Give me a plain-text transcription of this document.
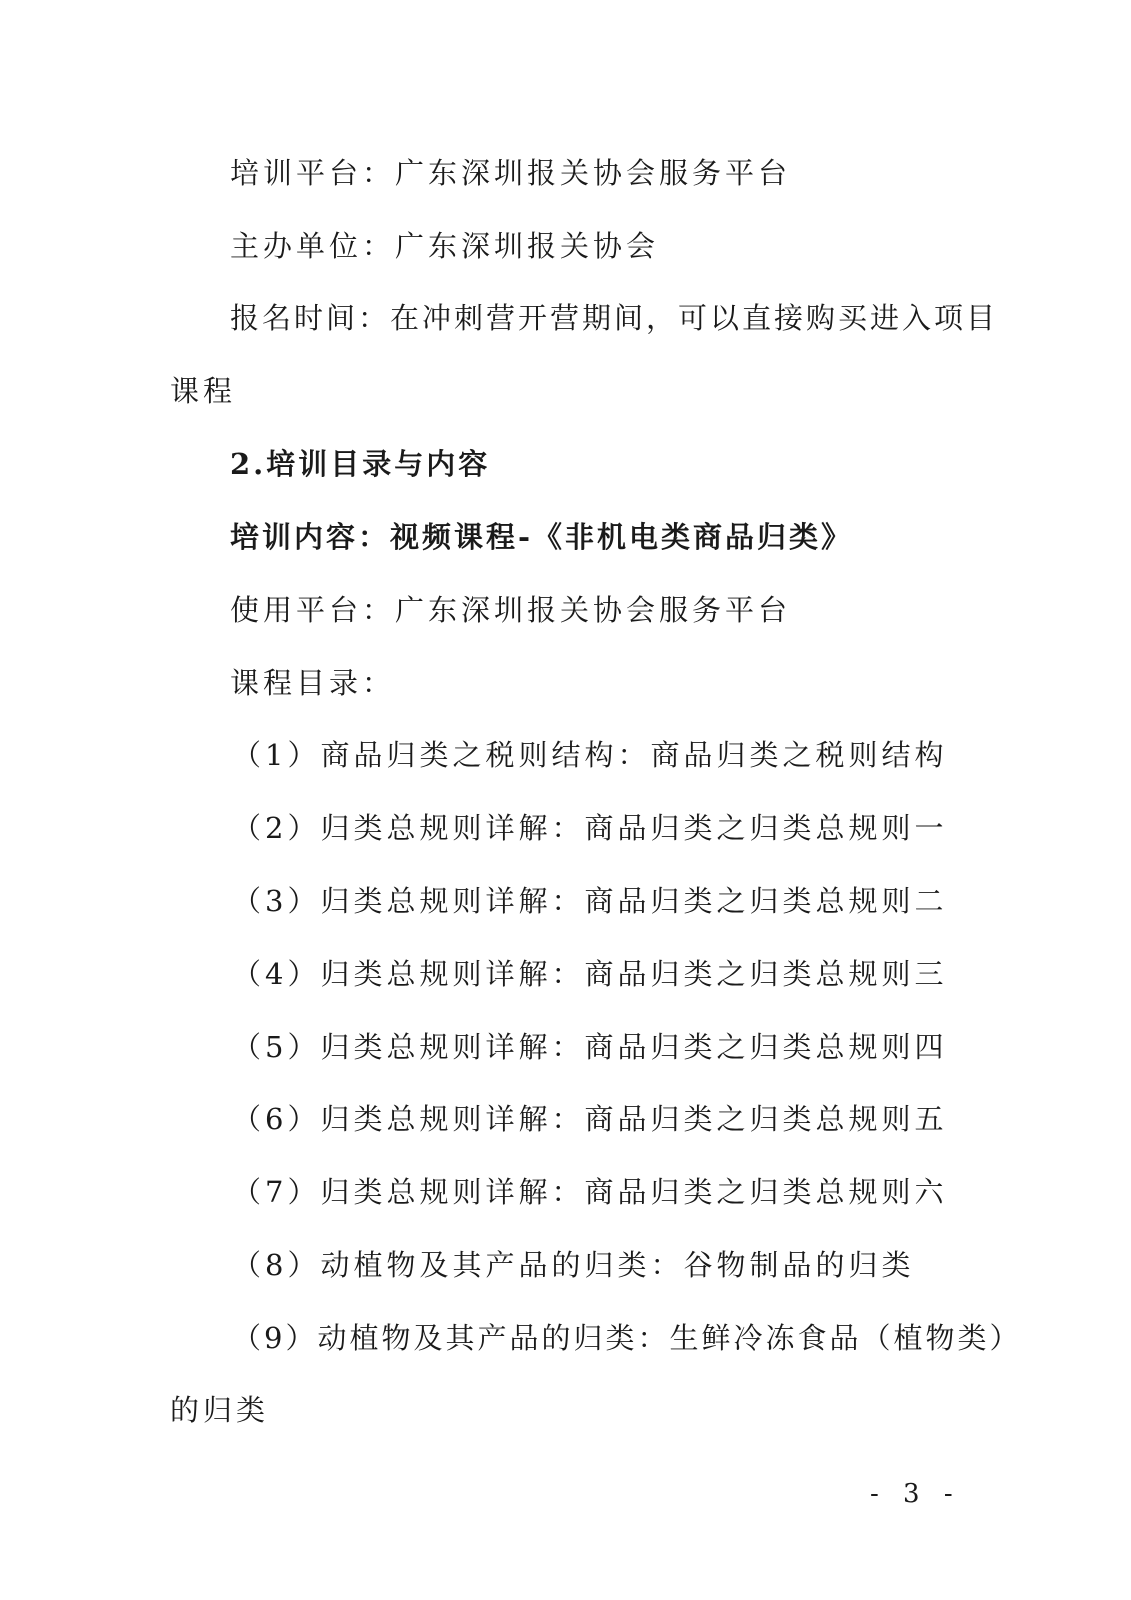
培训平台：广东深圳报关协会服务平台
主办单位：广东深圳报关协会
报名时间：在冲刺营开营期间，可以直接购买进入项目
课程
2.培训目录与内容
培训内容：视频课程-《非机电类商品归类》
使用平台：广东深圳报关协会服务平台
课程目录：
（1）商品归类之税则结构：商品归类之税则结构
（2）归类总规则详解：商品归类之归类总规则一
（3）归类总规则详解：商品归类之归类总规则二
（4）归类总规则详解：商品归类之归类总规则三
（5）归类总规则详解：商品归类之归类总规则四
（6）归类总规则详解：商品归类之归类总规则五
（7）归类总规则详解：商品归类之归类总规则六
（8）动植物及其产品的归类：谷物制品的归类
（9）动植物及其产品的归类：生鲜冷冻食品（植物类）
的归类
- 3 -
